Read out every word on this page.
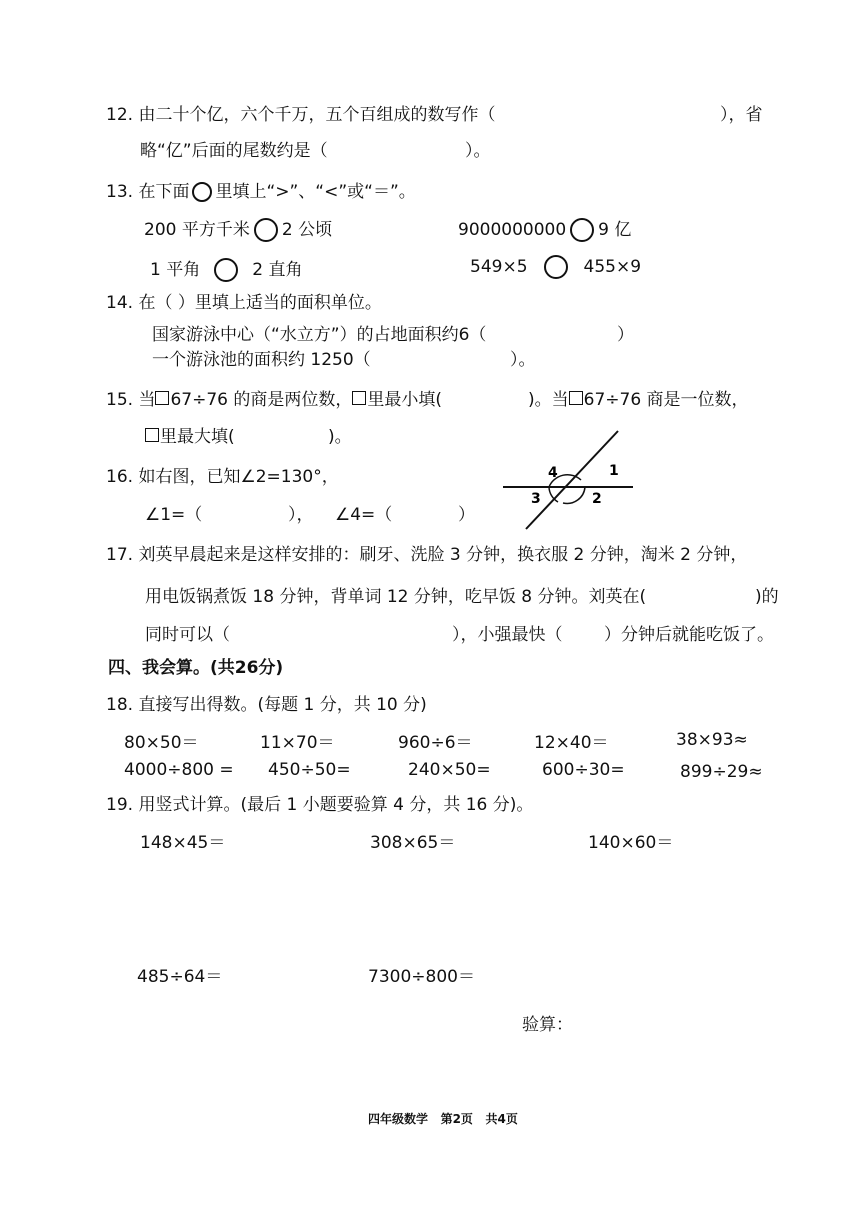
12. 由二十个亿，六个千万，五个百组成的数写作（	），省
略“亿”后面的尾数约是（	）。
13. 在下面 里填上“>”、“<”或“＝”。
200 平方千米 2 公顷	9000000000 9 亿
1 平角	2 直角	549×5	455×9
14. 在（ ）里填上适当的面积单位。
国家游泳中心（“水立方”）的占地面积约6（	）
一个游泳池的面积约 1250（	）。
15. 当 67÷76 的商是两位数， 里最小填(	)。当 67÷76 商是一位数，
里最大填(	)。
16. 如右图，已知∠2=130°，
∠1=（	）， ∠4=（	）
4	1
3	2
17. 刘英早晨起来是这样安排的：刷牙、洗脸 3 分钟，换衣服 2 分钟，淘米 2 分钟，
用电饭锅煮饭 18 分钟，背单词 12 分钟，吃早饭 8 分钟。刘英在(	)的
同时可以（	），小强最快（ ）分钟后就能吃饭了。
四、我会算。(共26分)
18. 直接写出得数。(每题 1 分，共 10 分)
80×50＝	11×70＝	960÷6＝	12×40＝	38×93≈
4000÷800 = 450÷50=	240×50=	600÷30=	899÷29≈
19. 用竖式计算。(最后 1 小题要验算 4 分，共 16 分)。
148×45＝	308×65＝	140×60＝
485÷64＝	7300÷800＝
验算：
四年级数学 第2页 共4页
